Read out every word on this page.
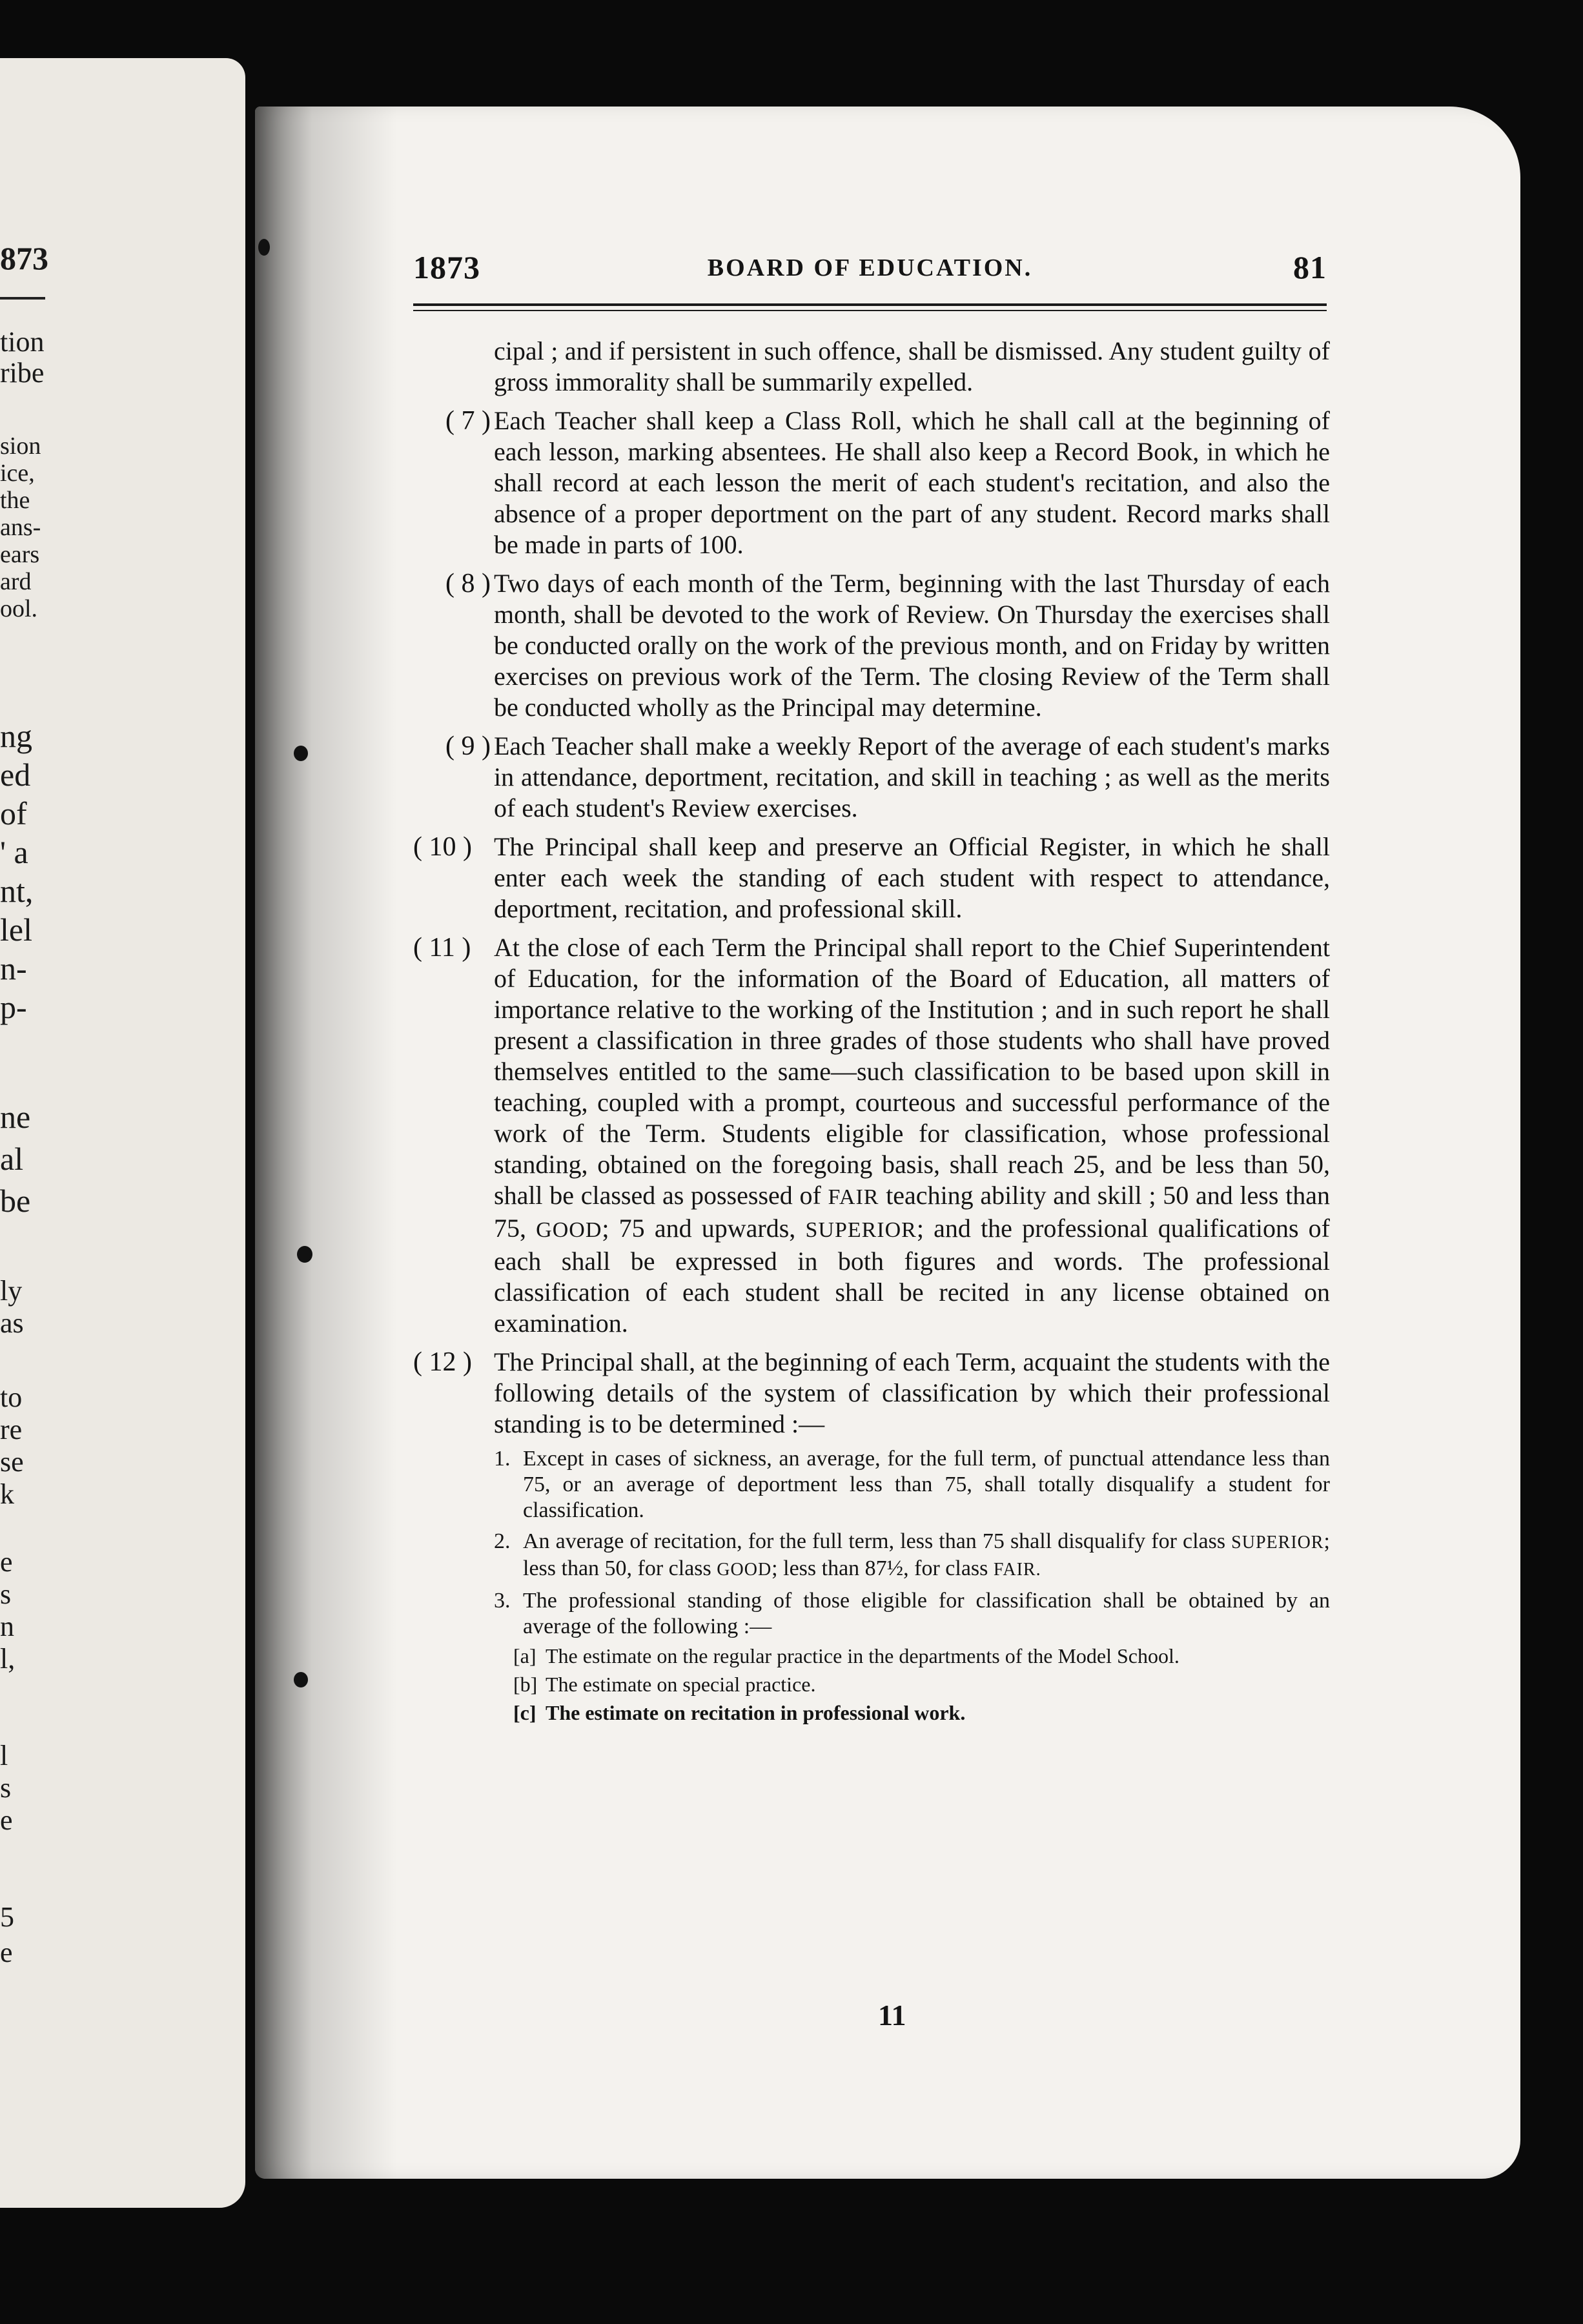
873
tion
ribe
sion
ice,
the
ans-
ears
ard
ool.
ng
ed
of
' a
nt,
lel
n-
p-
ne
al
be
ly
as
to
re
se
k
e
s
n
l,
l
s
e
5
e
1873	BOARD OF EDUCATION.	81

cipal ; and if persistent in such offence, shall be dismissed. Any student guilty of gross immorality shall be summarily expelled.

( 7 ) Each Teacher shall keep a Class Roll, which he shall call at the beginning of each lesson, marking absentees. He shall also keep a Record Book, in which he shall record at each lesson the merit of each student's recitation, and also the absence of a proper deportment on the part of any student. Record marks shall be made in parts of 100.

( 8 ) Two days of each month of the Term, beginning with the last Thursday of each month, shall be devoted to the work of Review. On Thursday the exercises shall be conducted orally on the work of the previous month, and on Friday by written exercises on previous work of the Term. The closing Review of the Term shall be conducted wholly as the Principal may determine.

( 9 ) Each Teacher shall make a weekly Report of the average of each student's marks in attendance, deportment, recitation, and skill in teaching ; as well as the merits of each student's Review exercises.

( 10 ) The Principal shall keep and preserve an Official Register, in which he shall enter each week the standing of each student with respect to attendance, deportment, recitation, and professional skill.

( 11 ) At the close of each Term the Principal shall report to the Chief Superintendent of Education, for the information of the Board of Education, all matters of importance relative to the working of the Institution ; and in such report he shall present a classification in three grades of those students who shall have proved themselves entitled to the same—such classification to be based upon skill in teaching, coupled with a prompt, courteous and successful performance of the work of the Term. Students eligible for classification, whose professional standing, obtained on the foregoing basis, shall reach 25, and be less than 50, shall be classed as possessed of FAIR teaching ability and skill ; 50 and less than 75, GOOD; 75 and upwards, SUPERIOR; and the professional qualifications of each shall be expressed in both figures and words. The professional classification of each student shall be recited in any license obtained on examination.

( 12 ) The Principal shall, at the beginning of each Term, acquaint the students with the following details of the system of classification by which their professional standing is to be determined :—

1. Except in cases of sickness, an average, for the full term, of punctual attendance less than 75, or an average of deportment less than 75, shall totally disqualify a student for classification.
2. An average of recitation, for the full term, less than 75 shall disqualify for class SUPERIOR; less than 50, for class GOOD; less than 87½, for class FAIR.
3. The professional standing of those eligible for classification shall be obtained by an average of the following :—
[a] The estimate on the regular practice in the departments of the Model School.
[b] The estimate on special practice.
[c] The estimate on recitation in professional work.
11
